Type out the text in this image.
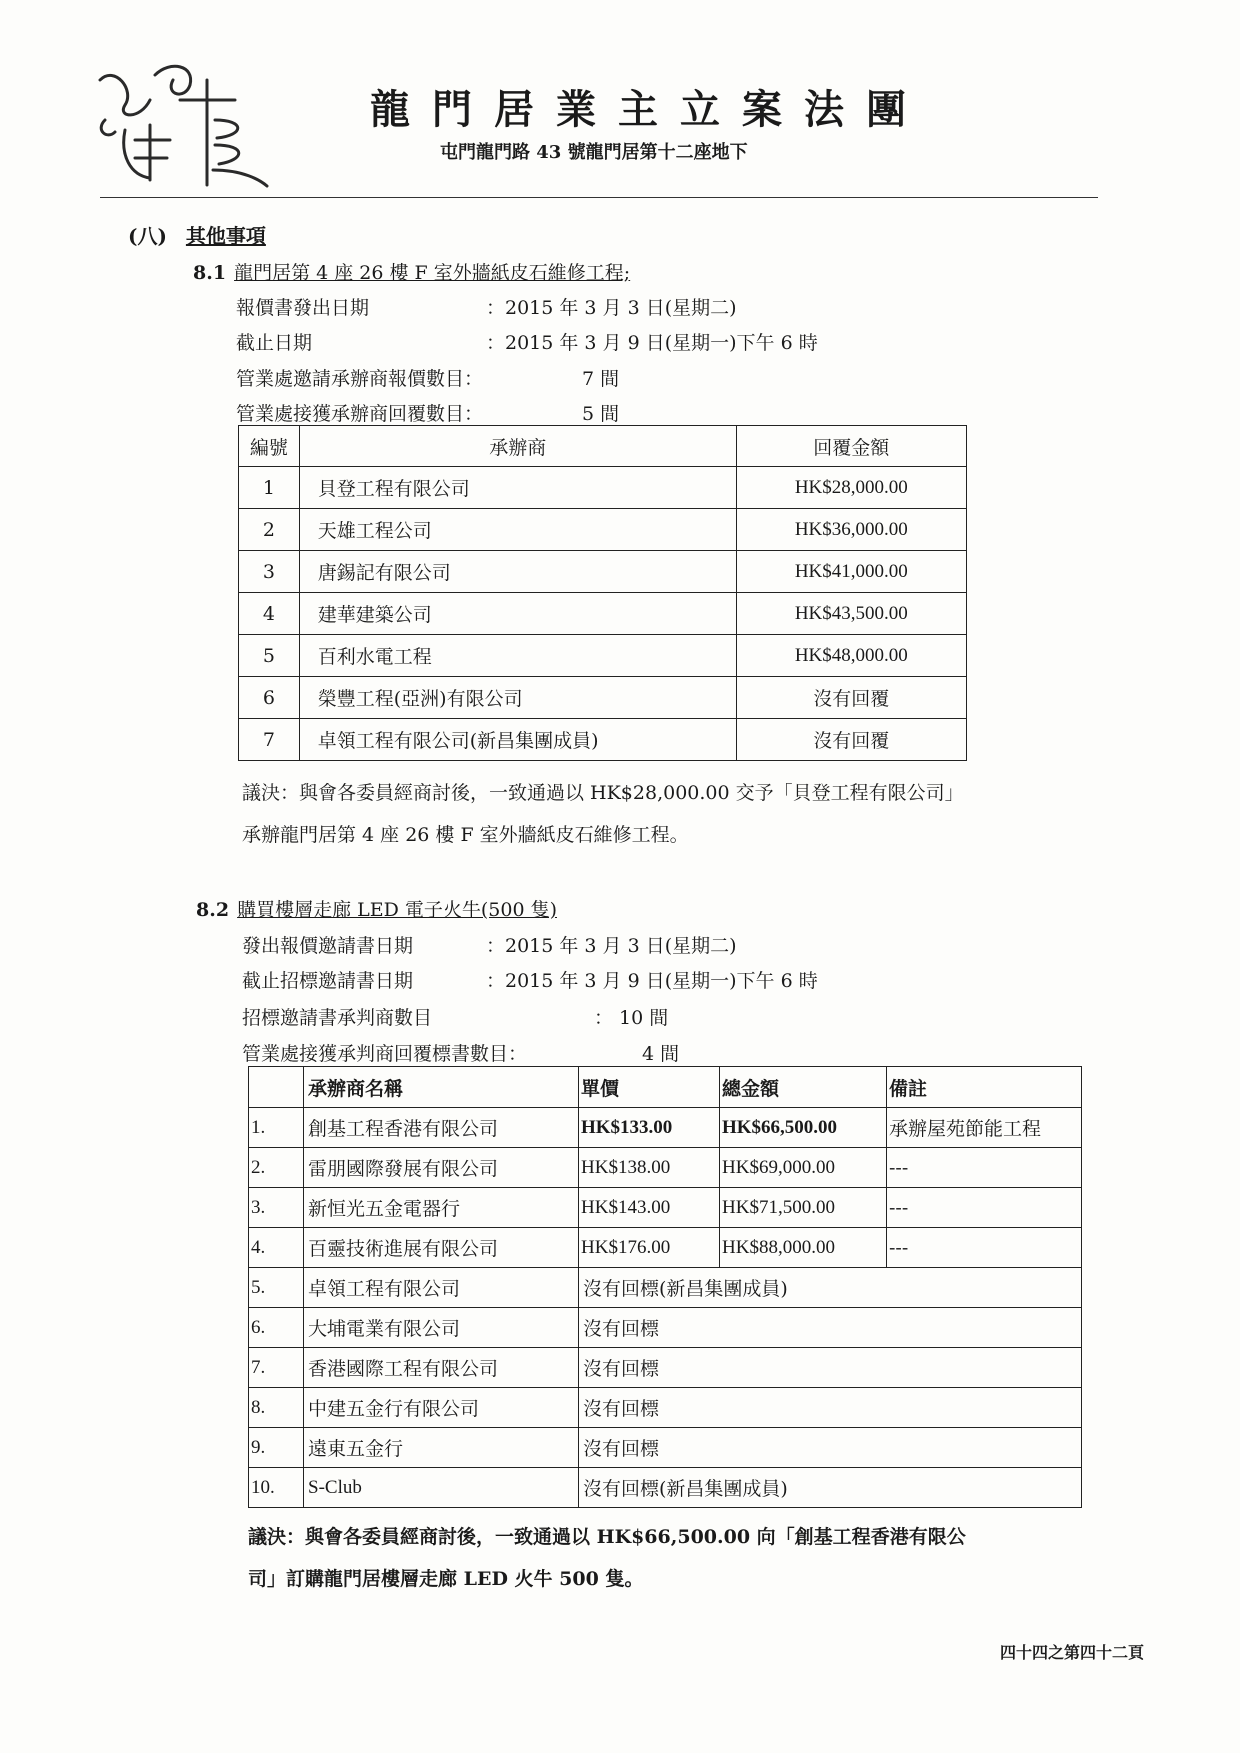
龍門居業主立案法團
屯門龍門路 43 號龍門居第十二座地下
(八) 其他事項
8.1 龍門居第 4 座 26 樓 F 室外牆紙皮石維修工程;
報價書發出日期	：2015 年 3 月 3 日(星期二)
截止日期	：2015 年 3 月 9 日(星期一)下午 6 時
管業處邀請承辦商報價數目：	7 間
管業處接獲承辦商回覆數目：	5 間
編號	承辦商	回覆金額
1	貝登工程有限公司	HK$28,000.00
2	天雄工程公司	HK$36,000.00
3	唐錫記有限公司	HK$41,000.00
4	建華建築公司	HK$43,500.00
5	百利水電工程	HK$48,000.00
6	榮豐工程(亞洲)有限公司	沒有回覆
7	卓領工程有限公司(新昌集團成員)	沒有回覆
議決：與會各委員經商討後，一致通過以 HK$28,000.00 交予「貝登工程有限公司」
承辦龍門居第 4 座 26 樓 F 室外牆紙皮石維修工程。
8.2 購買樓層走廊 LED 電子火牛(500 隻)
發出報價邀請書日期	：2015 年 3 月 3 日(星期二)
截止招標邀請書日期	：2015 年 3 月 9 日(星期一)下午 6 時
招標邀請書承判商數目	： 10 間
管業處接獲承判商回覆標書數目：	4 間
	承辦商名稱	單價	總金額	備註
1.	創基工程香港有限公司	HK$133.00	HK$66,500.00	承辦屋苑節能工程
2.	雷朋國際發展有限公司	HK$138.00	HK$69,000.00	---
3.	新恒光五金電器行	HK$143.00	HK$71,500.00	---
4.	百靈技術進展有限公司	HK$176.00	HK$88,000.00	---
5.	卓領工程有限公司	沒有回標(新昌集團成員)		
6.	大埔電業有限公司	沒有回標		
7.	香港國際工程有限公司	沒有回標		
8.	中建五金行有限公司	沒有回標		
9.	遠東五金行	沒有回標		
10.	S-Club	沒有回標(新昌集團成員)		
議決：與會各委員經商討後，一致通過以 HK$66,500.00 向「創基工程香港有限公
司」訂購龍門居樓層走廊 LED 火牛 500 隻。
四十四之第四十二頁
